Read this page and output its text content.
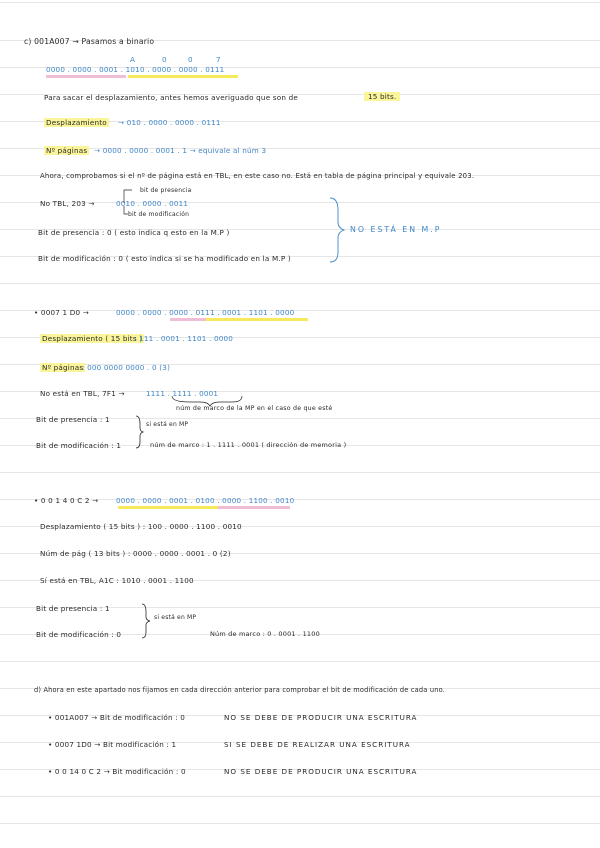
c) 001A007 → Pasamos a binario
A	0	0	7
0000 . 0000 . 0001 . 1010 . 0000 . 0000 . 0111
Para sacar el desplazamiento, antes hemos averiguado que son de	15 bits.
Desplazamiento → 010 . 0000 . 0000 . 0111
Nº páginas → 0000 . 0000 . 0001 . 1 → equivale al núm 3
Ahora, comprobamos si el nº de página está en TBL, en este caso no. Está en tabla de página principal y equivale 203.
bit de presencia
No TBL, 203 →	0010 . 0000 . 0011
bit de modificación
Bit de presencia : 0 ( esto indica q esto en la M.P )
Bit de modificación : 0 ( esto indica si se ha modificado en la M.P )
NO ESTÁ EN M.P
• 0007 1 D0 →	0000 . 0000 . 0000 . 0111 . 0001 . 1101 . 0000
Desplazamiento ( 15 bits )
: 111 . 0001 . 1101 . 0000
Nº páginas
: 000 0000 0000 . 0 (3)
No está en TBL, 7F1 →	1111 . 1111 . 0001
núm de marco de la MP en el caso de que esté
Bit de presencia : 1
Bit de modificación : 1
si está en MP
núm de marco : 1 . 1111 . 0001 ( dirección de memoria )
• 0 0 1 4 0 C 2 → 0000 . 0000 . 0001 . 0100 . 0000 . 1100 . 0010
Desplazamiento ( 15 bits ) : 100 . 0000 . 1100 . 0010
Núm de pág ( 13 bits ) : 0000 . 0000 . 0001 . 0 (2)
Sí está en TBL, A1C : 1010 . 0001 . 1100
Bit de presencia : 1
Bit de modificación : 0
si está en MP
Núm de marco : 0 . 0001 . 1100
d) Ahora en este apartado nos fijamos en cada dirección anterior para comprobar el bit de modificación de cada uno.
• 001A007 → Bit de modificación : 0	NO SE DEBE DE PRODUCIR UNA ESCRITURA
• 0007 1D0 → Bit modificación : 1	SI SE DEBE DE REALIZAR UNA ESCRITURA
• 0 0 14 0 C 2 → Bit modificación : 0	NO SE DEBE DE PRODUCIR UNA ESCRITURA
